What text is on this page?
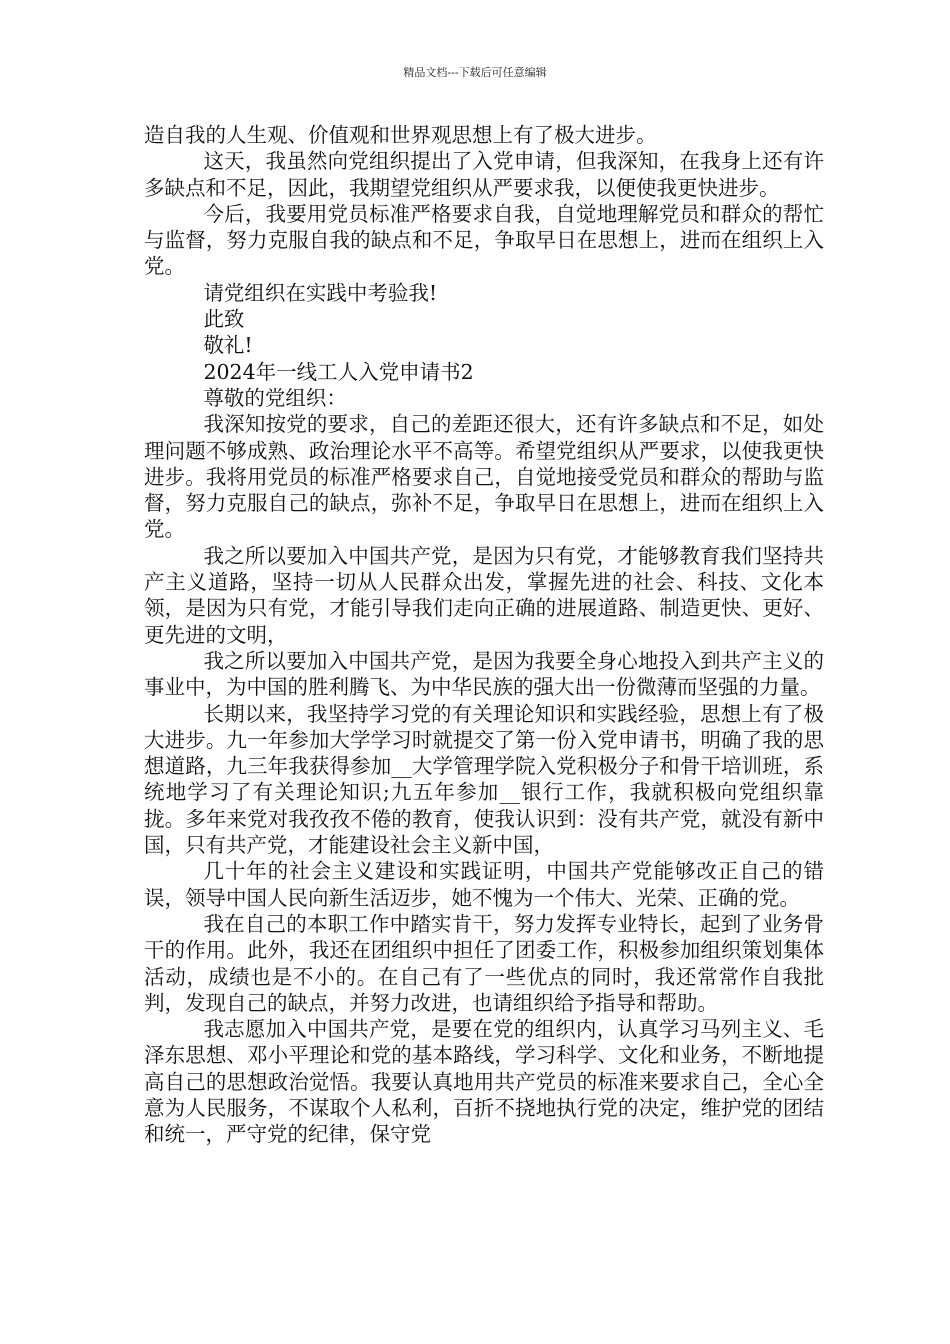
精品文档---下载后可任意编辑

造自我的人生观、价值观和世界观思想上有了极大进步。

这天，我虽然向党组织提出了入党申请，但我深知，在我身上还有许多缺点和不足，因此，我期望党组织从严要求我，以便使我更快进步。

今后，我要用党员标准严格要求自我，自觉地理解党员和群众的帮忙与监督，努力克服自我的缺点和不足，争取早日在思想上，进而在组织上入党。

请党组织在实践中考验我!

此致

敬礼!

2024年一线工人入党申请书2

尊敬的党组织：

我深知按党的要求，自己的差距还很大，还有许多缺点和不足，如处理问题不够成熟、政治理论水平不高等。希望党组织从严要求，以使我更快进步。我将用党员的标准严格要求自己，自觉地接受党员和群众的帮助与监督，努力克服自己的缺点，弥补不足，争取早日在思想上，进而在组织上入党。

我之所以要加入中国共产党，是因为只有党，才能够教育我们坚持共产主义道路，坚持一切从人民群众出发，掌握先进的社会、科技、文化本领，是因为只有党，才能引导我们走向正确的进展道路、制造更快、更好、更先进的文明，

我之所以要加入中国共产党，是因为我要全身心地投入到共产主义的事业中，为中国的胜利腾飞、为中华民族的强大出一份微薄而坚强的力量。

长期以来，我坚持学习党的有关理论知识和实践经验，思想上有了极大进步。九一年参加大学学习时就提交了第一份入党申请书，明确了我的思想道路，九三年我获得参加__大学管理学院入党积极分子和骨干培训班，系统地学习了有关理论知识;九五年参加__银行工作，我就积极向党组织靠拢。多年来党对我孜孜不倦的教育，使我认识到：没有共产党，就没有新中国，只有共产党，才能建设社会主义新中国，

几十年的社会主义建设和实践证明，中国共产党能够改正自己的错误，领导中国人民向新生活迈步，她不愧为一个伟大、光荣、正确的党。

我在自己的本职工作中踏实肯干，努力发挥专业特长，起到了业务骨干的作用。此外，我还在团组织中担任了团委工作，积极参加组织策划集体活动，成绩也是不小的。在自己有了一些优点的同时，我还常常作自我批判，发现自己的缺点，并努力改进，也请组织给予指导和帮助。

我志愿加入中国共产党，是要在党的组织内，认真学习马列主义、毛泽东思想、邓小平理论和党的基本路线，学习科学、文化和业务，不断地提高自己的思想政治觉悟。我要认真地用共产党员的标准来要求自己，全心全意为人民服务，不谋取个人私利，百折不挠地执行党的决定，维护党的团结和统一，严守党的纪律，保守党
